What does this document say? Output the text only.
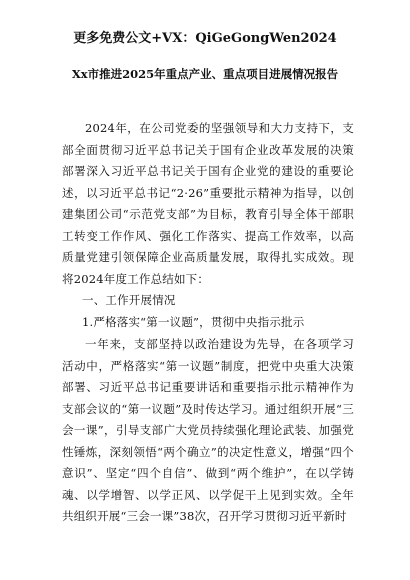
更多免费公文+VX：QiGeGongWen2024
Xx市推进2025年重点产业、重点项目进展情况报告

2024年，在公司党委的坚强领导和大力支持下，支部全面贯彻习近平总书记关于国有企业改革发展的决策部署深入习近平总书记关于国有企业党的建设的重要论述，以习近平总书记“2·26”重要批示精神为指导，以创建集团公司“示范党支部”为目标，教育引导全体干部职工转变工作作风、强化工作落实、提高工作效率，以高质量党建引领保障企业高质量发展，取得扎实成效。现将2024年度工作总结如下：

一、工作开展情况

1.严格落实“第一议题”，贯彻中央指示批示

一年来，支部坚持以政治建设为先导，在各项学习活动中，严格落实“第一议题”制度，把党中央重大决策部署、习近平总书记重要讲话和重要指示批示精神作为支部会议的“第一议题”及时传达学习。通过组织开展“三会一课”，引导支部广大党员持续强化理论武装、加强党性锤炼，深刻领悟“两个确立”的决定性意义，增强“四个意识”、坚定“四个自信”、做到“两个维护”，在以学铸魂、以学增智、以学正风、以学促干上见到实效。全年共组织开展“三会一课”38次，召开学习贯彻习近平新时
